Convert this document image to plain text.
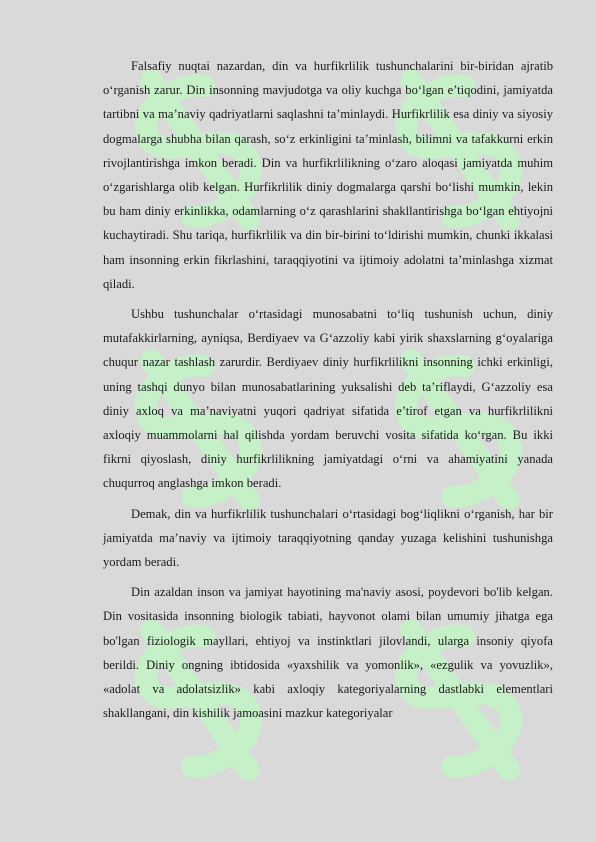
Falsafiy nuqtai nazardan, din va hurfikrlilik tushunchalarini bir-biridan ajratib o‘rganish zarur. Din insonning mavjudotga va oliy kuchga bo‘lgan e’tiqodini, jamiyatda tartibni va ma’naviy qadriyatlarni saqlashni ta’minlaydi. Hurfikrlilik esa diniy va siyosiy dogmalarga shubha bilan qarash, so‘z erkinligini ta’minlash, bilimni va tafakkurni erkin rivojlantirishga imkon beradi. Din va hurfikrlilikning o‘zaro aloqasi jamiyatda muhim o‘zgarishlarga olib kelgan. Hurfikrlilik diniy dogmalarga qarshi bo‘lishi mumkin, lekin bu ham diniy erkinlikka, odamlarning o‘z qarashlarini shakllantirishga bo‘lgan ehtiyojni kuchaytiradi. Shu tariqa, hurfikrlilik va din bir-birini to‘ldirishi mumkin, chunki ikkalasi ham insonning erkin fikrlashini, taraqqiyotini va ijtimoiy adolatni ta’minlashga xizmat qiladi.

Ushbu tushunchalar o‘rtasidagi munosabatni to‘liq tushunish uchun, diniy mutafakkirlarning, ayniqsa, Berdiyaev va G‘azzoliy kabi yirik shaxslarning g‘oyalariga chuqur nazar tashlash zarurdir. Berdiyaev diniy hurfikrlilikni insonning ichki erkinligi, uning tashqi dunyo bilan munosabatlarining yuksalishi deb ta’riflaydi, G‘azzoliy esa diniy axloq va ma’naviyatni yuqori qadriyat sifatida e’tirof etgan va hurfikrlilikni axloqiy muammolarni hal qilishda yordam beruvchi vosita sifatida ko‘rgan. Bu ikki fikrni qiyoslash, diniy hurfikrlilikning jamiyatdagi o‘rni va ahamiyatini yanada chuqurroq anglashga imkon beradi.

Demak, din va hurfikrlilik tushunchalari o‘rtasidagi bog‘liqlikni o‘rganish, har bir jamiyatda ma’naviy va ijtimoiy taraqqiyotning qanday yuzaga kelishini tushunishga yordam beradi.

Din azaldan inson va jamiyat hayotining ma'naviy asosi, poydevori bo'lib kelgan. Din vositasida insonning biologik tabiati, hayvonot olami bilan umumiy jihatga ega bo'lgan fiziologik mayllari, ehtiyoj va instinktlari jilovlandi, ularga insoniy qiyofa berildi. Diniy ongning ibtidosida «yaxshilik va yomonlik», «ezgulik va yovuzlik», «adolat va adolatsizlik» kabi axloqiy kategoriyalarning dastlabki elementlari shakllangani, din kishilik jamoasini mazkur kategoriyalar
